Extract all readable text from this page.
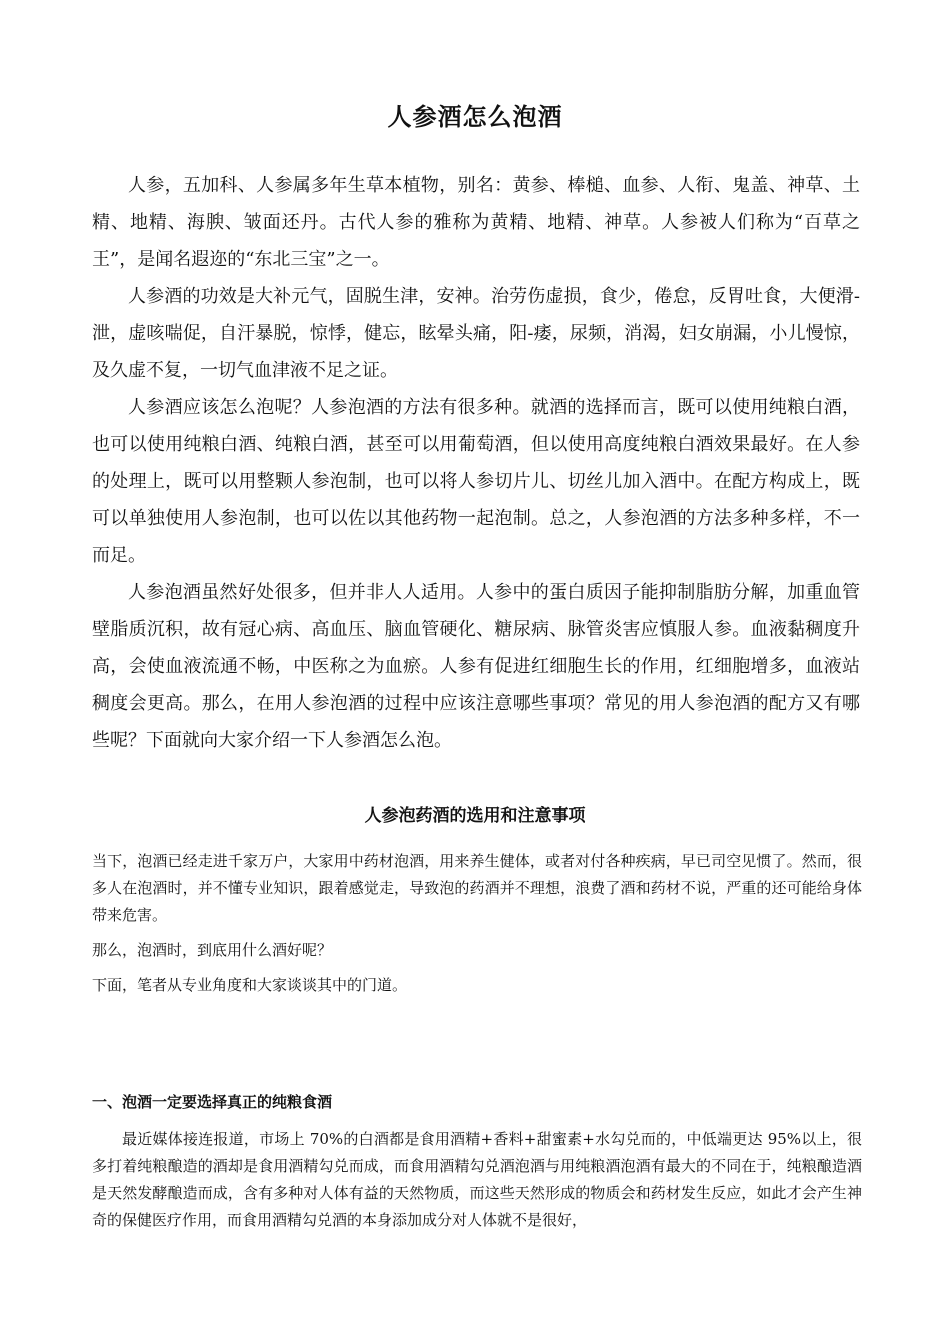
人参酒怎么泡酒

人参，五加科、人参属多年生草本植物，别名：黄参、棒槌、血参、人衔、鬼盖、神草、土精、地精、海腴、皱面还丹。古代人参的雅称为黄精、地精、神草。人参被人们称为“百草之王”，是闻名遐迩的“东北三宝”之一。

人参酒的功效是大补元气，固脱生津，安神。治劳伤虚损，食少，倦怠，反胃吐食，大便滑-泄，虚咳喘促，自汗暴脱，惊悸，健忘，眩晕头痛，阳-痿，尿频，消渴，妇女崩漏，小儿慢惊，及久虚不复，一切气血津液不足之证。

人参酒应该怎么泡呢？人参泡酒的方法有很多种。就酒的选择而言，既可以使用纯粮白酒，也可以使用纯粮白酒、纯粮白酒，甚至可以用葡萄酒，但以使用高度纯粮白酒效果最好。在人参的处理上，既可以用整颗人参泡制，也可以将人参切片儿、切丝儿加入酒中。在配方构成上，既可以单独使用人参泡制，也可以佐以其他药物一起泡制。总之，人参泡酒的方法多种多样，不一而足。

人参泡酒虽然好处很多，但并非人人适用。人参中的蛋白质因子能抑制脂肪分解，加重血管壁脂质沉积，故有冠心病、高血压、脑血管硬化、糖尿病、脉管炎害应慎服人参。血液黏稠度升高，会使血液流通不畅，中医称之为血瘀。人参有促进红细胞生长的作用，红细胞增多，血液站稠度会更高。那么，在用人参泡酒的过程中应该注意哪些事项？常见的用人参泡酒的配方又有哪些呢？下面就向大家介绍一下人参酒怎么泡。

人参泡药酒的选用和注意事项

当下，泡酒已经走进千家万户，大家用中药材泡酒，用来养生健体，或者对付各种疾病，早已司空见惯了。然而，很多人在泡酒时，并不懂专业知识，跟着感觉走，导致泡的药酒并不理想，浪费了酒和药材不说，严重的还可能给身体带来危害。

那么，泡酒时，到底用什么酒好呢？

下面，笔者从专业角度和大家谈谈其中的门道。

一、泡酒一定要选择真正的纯粮食酒

最近媒体接连报道，市场上 70%的白酒都是食用酒精+香料+甜蜜素+水勾兑而的，中低端更达 95%以上，很多打着纯粮酿造的酒却是食用酒精勾兑而成，而食用酒精勾兑酒泡酒与用纯粮酒泡酒有最大的不同在于，纯粮酿造酒是天然发酵酿造而成，含有多种对人体有益的天然物质，而这些天然形成的物质会和药材发生反应，如此才会产生神奇的保健医疗作用，而食用酒精勾兑酒的本身添加成分对人体就不是很好，
